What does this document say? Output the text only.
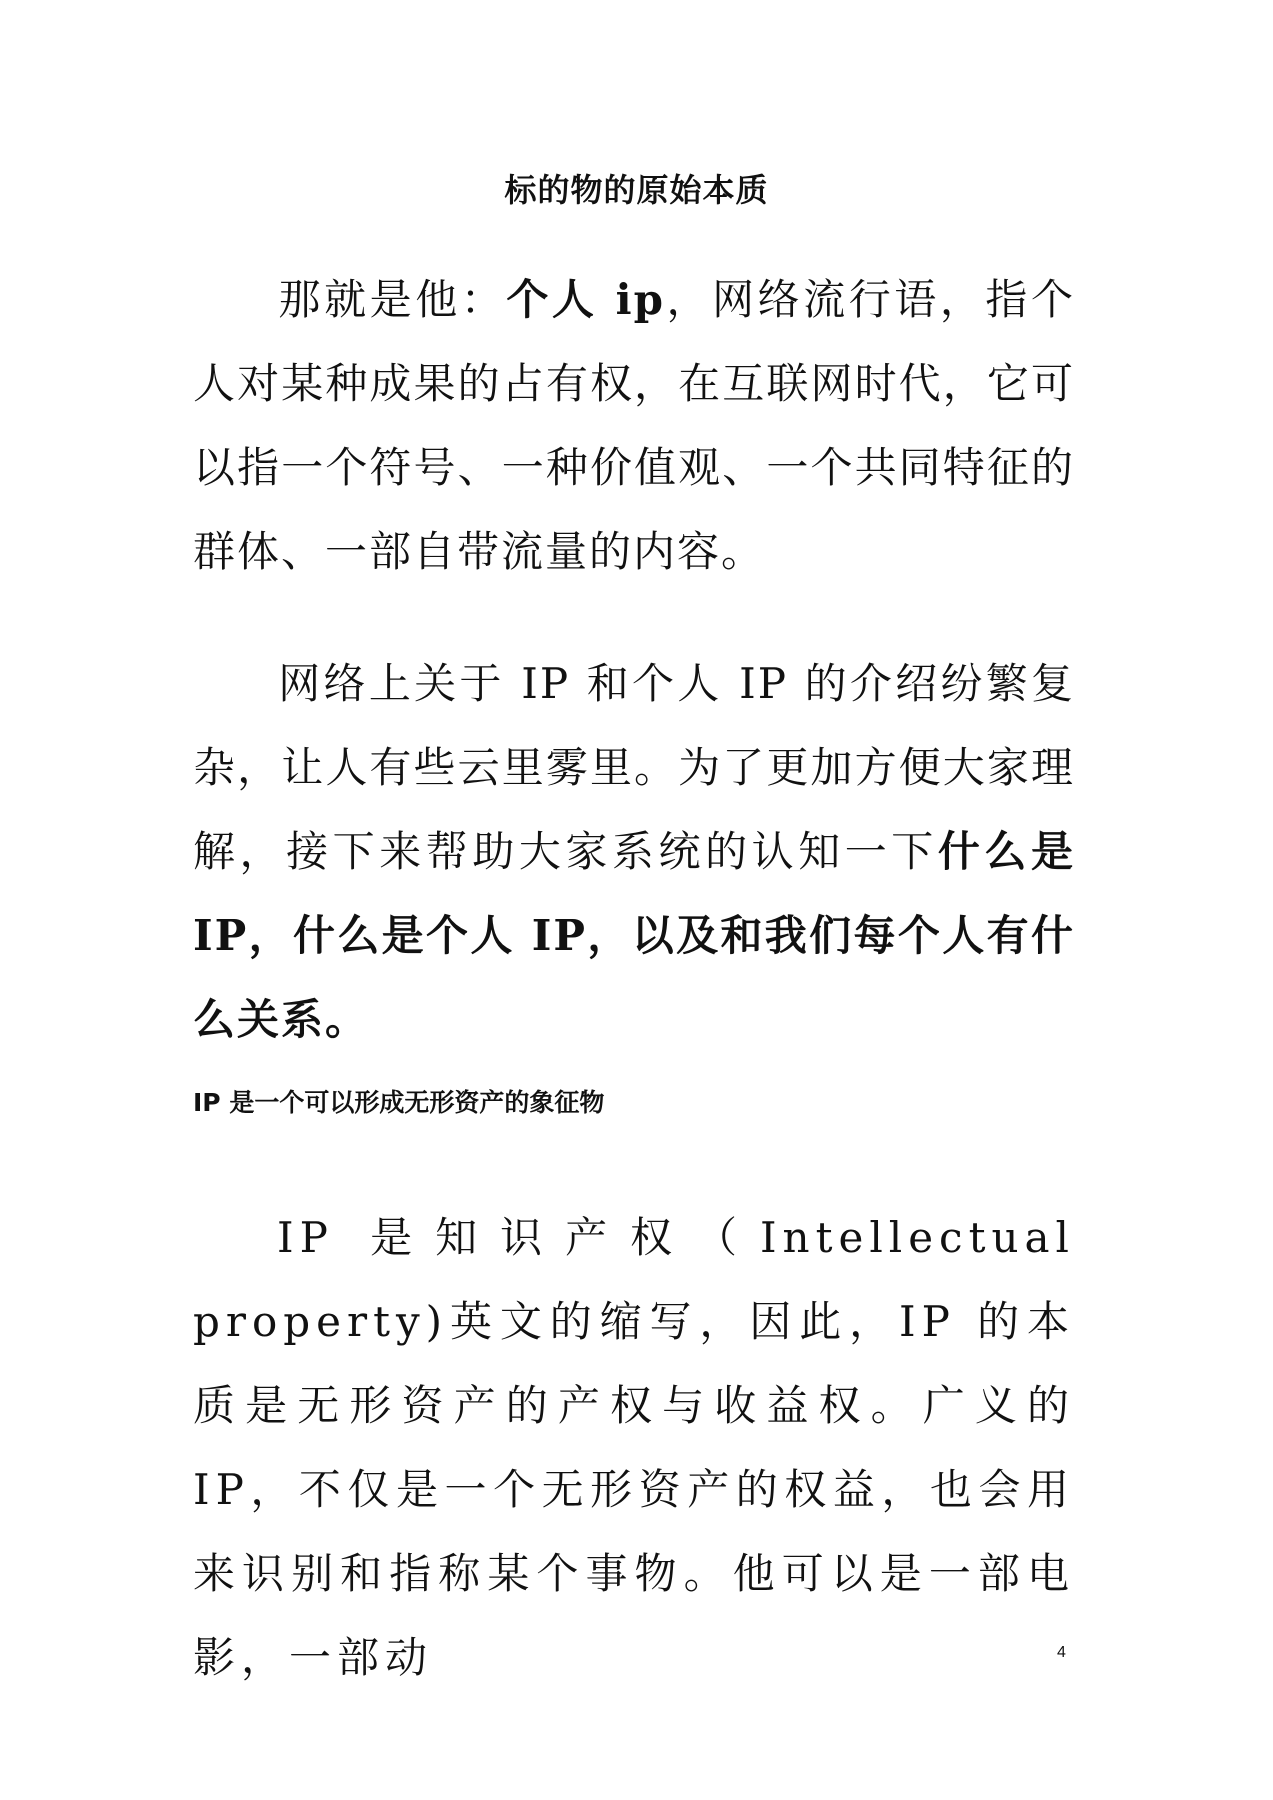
标的物的原始本质

那就是他：个人 ip，网络流行语，指个人对某种成果的占有权，在互联网时代，它可以指一个符号、一种价值观、一个共同特征的群体、一部自带流量的内容。

网络上关于 IP 和个人 IP 的介绍纷繁复杂，让人有些云里雾里。为了更加方便大家理解，接下来帮助大家系统的认知一下什么是 IP，什么是个人 IP，以及和我们每个人有什么关系。

IP 是一个可以形成无形资产的象征物

IP 是知识产权（Intellectual property)英文的缩写，因此，IP 的本质是无形资产的产权与收益权。广义的 IP，不仅是一个无形资产的权益，也会用来识别和指称某个事物。他可以是一部电影，一部动	4
